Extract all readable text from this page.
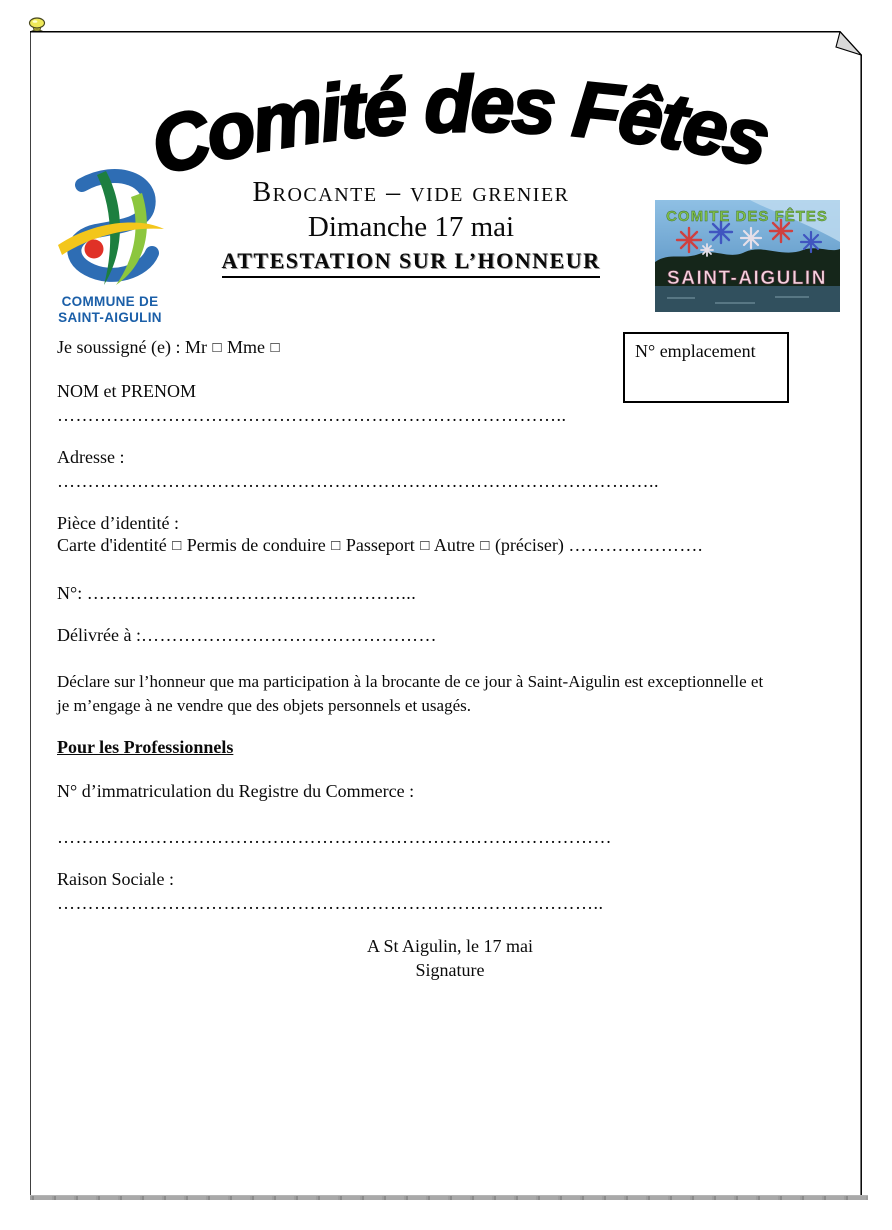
Comité des Fêtes
COMMUNE DE
SAINT-AIGULIN
Brocante – vide grenier
Dimanche 17 mai
ATTESTATION SUR L’HONNEUR
COMITE DES FÊTES
SAINT-AIGULIN
N° emplacement
Je soussigné (e) : Mr □ Mme □
NOM et PRENOM
………………………………………………………………………..
Adresse :
……………………………………………………………………………………..
Pièce d’identité :
Carte d'identité □ Permis de conduire □ Passeport □ Autre □ (préciser) ………………….
N°: ……………………………………………...
Délivrée à :…………………………………………
Déclare sur l’honneur que ma participation à la brocante de ce jour à Saint-Aigulin est exceptionnelle et
je m’engage à ne vendre que des objets personnels et usagés.
Pour les Professionnels
N° d’immatriculation du Registre du Commerce :
………………………………………………………………………………
Raison Sociale :
……………………………………………………………………………..
A St Aigulin, le 17 mai
Signature
